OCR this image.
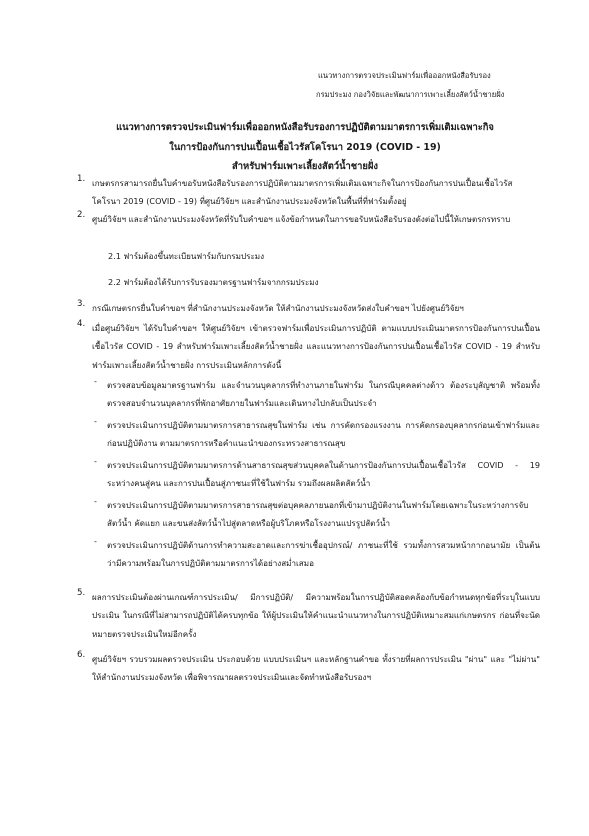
แนวทางการตรวจประเมินฟาร์มเพื่อออกหนังสือรับรอง
กรมประมง กองวิจัยและพัฒนาการเพาะเลี้ยงสัตว์น้ำชายฝั่ง
แนวทางการตรวจประเมินฟาร์มเพื่อออกหนังสือรับรองการปฏิบัติตามมาตรการเพิ่มเติมเฉพาะกิจ
ในการป้องกันการปนเปื้อนเชื้อไวรัสโคโรนา 2019 (COVID - 19)
สำหรับฟาร์มเพาะเลี้ยงสัตว์น้ำชายฝั่ง
1. เกษตรกรสามารถยื่นใบคำขอรับหนังสือรับรองการปฏิบัติตามมาตรการเพิ่มเติมเฉพาะกิจในการป้องกันการปนเปื้อนเชื้อไวรัสโคโรนา 2019 (COVID - 19) ที่ศูนย์วิจัยฯ และสำนักงานประมงจังหวัดในพื้นที่ที่ฟาร์มตั้งอยู่
2. ศูนย์วิจัยฯ และสำนักงานประมงจังหวัดที่รับใบคำขอฯ แจ้งข้อกำหนดในการขอรับหนังสือรับรองดังต่อไปนี้ให้เกษตรกรทราบ
2.1 ฟาร์มต้องขึ้นทะเบียนฟาร์มกับกรมประมง
2.2 ฟาร์มต้องได้รับการรับรองมาตรฐานฟาร์มจากกรมประมง
3. กรณีเกษตรกรยื่นใบคำขอฯ ที่สำนักงานประมงจังหวัด ให้สำนักงานประมงจังหวัดส่งใบคำขอฯ ไปยังศูนย์วิจัยฯ
4. เมื่อศูนย์วิจัยฯ ได้รับใบคำขอฯ ให้ศูนย์วิจัยฯ เข้าตรวจฟาร์มเพื่อประเมินการปฏิบัติ ตามแบบประเมินมาตรการป้องกันการปนเปื้อนเชื้อไวรัส COVID - 19 สำหรับฟาร์มเพาะเลี้ยงสัตว์น้ำชายฝั่ง และแนวทางการป้องกันการปนเปื้อนเชื้อไวรัส COVID - 19 สำหรับฟาร์มเพาะเลี้ยงสัตว์น้ำชายฝั่ง การประเมินหลักการดังนี้
- ตรวจสอบข้อมูลมาตรฐานฟาร์ม และจำนวนบุคลากรที่ทำงานภายในฟาร์ม ในกรณีบุคคลต่างด้าว ต้องระบุสัญชาติ พร้อมทั้งตรวจสอบจำนวนบุคลากรที่พักอาศัยภายในฟาร์มและเดินทางไปกลับเป็นประจำ
- ตรวจประเมินการปฏิบัติตามมาตรการสาธารณสุขในฟาร์ม เช่น การคัดกรองแรงงาน การคัดกรองบุคลากรก่อนเข้าฟาร์มและก่อนปฏิบัติงาน ตามมาตรการหรือคำแนะนำของกระทรวงสาธารณสุข
- ตรวจประเมินการปฏิบัติตามมาตรการด้านสาธารณสุขส่วนบุคคลในด้านการป้องกันการปนเปื้อนเชื้อไวรัส COVID - 19 ระหว่างคนสู่คน และการปนเปื้อนสู่ภาชนะที่ใช้ในฟาร์ม รวมถึงผลผลิตสัตว์น้ำ
- ตรวจประเมินการปฏิบัติตามมาตรการสาธารณสุขต่อบุคคลภายนอกที่เข้ามาปฏิบัติงานในฟาร์มโดยเฉพาะในระหว่างการจับสัตว์น้ำ คัดแยก และขนส่งสัตว์น้ำไปสู่ตลาดหรือผู้บริโภคหรือโรงงานแปรรูปสัตว์น้ำ
- ตรวจประเมินการปฏิบัติด้านการทำความสะอาดและการฆ่าเชื้ออุปกรณ์/ ภาชนะที่ใช้ รวมทั้งการสวมหน้ากากอนามัย เป็นต้น ว่ามีความพร้อมในการปฏิบัติตามมาตรการได้อย่างสม่ำเสมอ
5. ผลการประเมินต้องผ่านเกณฑ์การประเมิน/ มีการปฏิบัติ/ มีความพร้อมในการปฏิบัติสอดคล้องกับข้อกำหนดทุกข้อที่ระบุในแบบประเมิน ในกรณีที่ไม่สามารถปฏิบัติได้ครบทุกข้อ ให้ผู้ประเมินให้คำแนะนำแนวทางในการปฏิบัติเหมาะสมแก่เกษตรกร ก่อนที่จะนัดหมายตรวจประเมินใหม่อีกครั้ง
6. ศูนย์วิจัยฯ รวบรวมผลตรวจประเมิน ประกอบด้วย แบบประเมินฯ และหลักฐานคำขอ ทั้งรายที่ผลการประเมิน "ผ่าน" และ "ไม่ผ่าน" ให้สำนักงานประมงจังหวัด เพื่อพิจารณาผลตรวจประเมินและจัดทำหนังสือรับรองฯ
